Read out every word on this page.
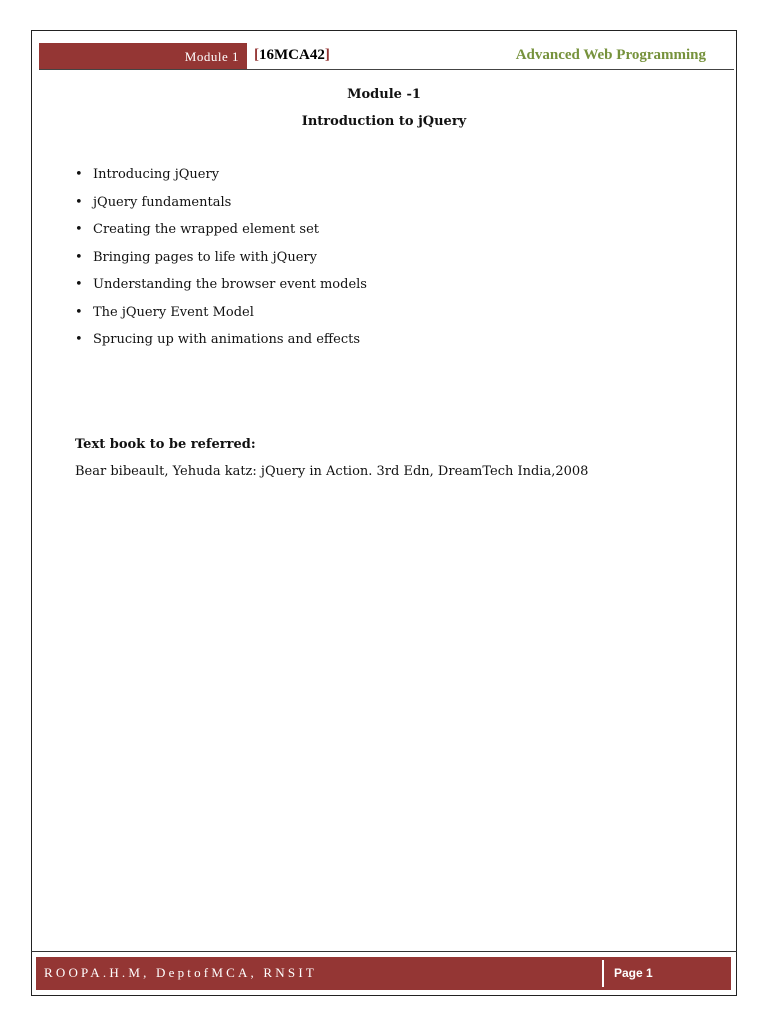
Module 1 [16MCA42]	Advanced Web Programming
Module -1
Introduction to jQuery
• Introducing jQuery
• jQuery fundamentals
• Creating the wrapped element set
• Bringing pages to life with jQuery
• Understanding the browser event models
• The jQuery Event Model
• Sprucing up with animations and effects
Text book to be referred:
Bear bibeault, Yehuda katz: jQuery in Action. 3rd Edn, DreamTech India,2008
ROOPA.H.M, DeptofMCA, RNSIT	Page 1
